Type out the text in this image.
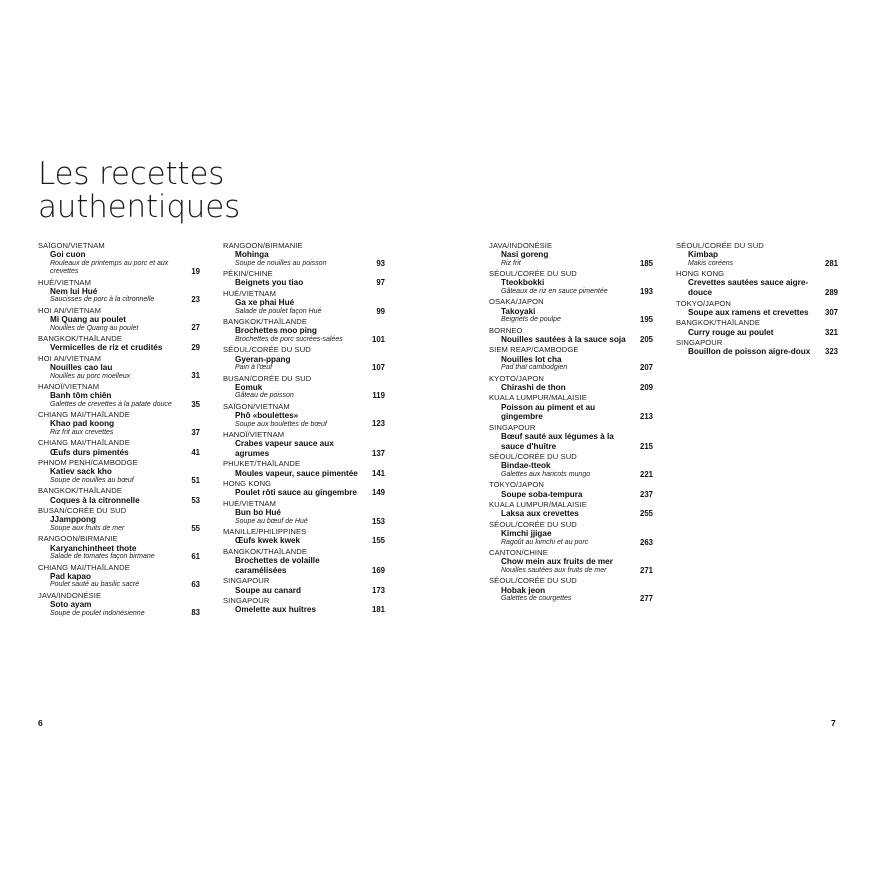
Les recettes
authentiques
SAÏGON/VIETNAM
Goi cuon
Rouleaux de printemps au porc et aux crevettes	19
HUÉ/VIETNAM
Nem lui Hué
Saucisses de porc à la citronnelle	23
HOI AN/VIETNAM
Mi Quang au poulet
Nouilles de Quang au poulet	27
BANGKOK/THAÏLANDE
Vermicelles de riz et crudités	29
HOI AN/VIETNAM
Nouilles cao lau
Nouilles au porc moelleux	31
HANOÏ/VIETNAM
Banh tôm chiên
Galettes de crevettes à la patate douce	35
CHIANG MAI/THAÏLANDE
Khao pad koong
Riz frit aux crevettes	37
CHIANG MAI/THAÏLANDE
Œufs durs pimentés	41
PHNOM PENH/CAMBODGE
Katiev sack kho
Soupe de nouilles au bœuf	51
BANGKOK/THAÏLANDE
Coques à la citronnelle	53
BUSAN/CORÉE DU SUD
JJamppong
Soupe aux fruits de mer	55
RANGOON/BIRMANIE
Karyanchintheet thote
Salade de tomates façon birmane	61
CHIANG MAI/THAÏLANDE
Pad kapao
Poulet sauté au basilic sacré	63
JAVA/INDONÉSIE
Soto ayam
Soupe de poulet indonésienne	83
RANGOON/BIRMANIE
Mohinga
Soupe de nouilles au poisson	93
PÉKIN/CHINE
Beignets you tiao	97
HUÉ/VIETNAM
Ga xe phai Hué
Salade de poulet façon Hué	99
BANGKOK/THAÏLANDE
Brochettes moo ping
Brochettes de porc sucrées-salées	101
SÉOUL/CORÉE DU SUD
Gyeran-ppang
Pain à l'œuf	107
BUSAN/CORÉE DU SUD
Eomuk
Gâteau de poisson	119
SAÏGON/VIETNAM
Phô «boulettes»
Soupe aux boulettes de bœuf	123
HANOÏ/VIETNAM
Crabes vapeur sauce aux agrumes	137
PHUKET/THAÏLANDE
Moules vapeur, sauce pimentée	141
HONG KONG
Poulet rôti sauce au gingembre	149
HUÉ/VIETNAM
Bun bo Hué
Soupe au bœuf de Hué	153
MANILLE/PHILIPPINES
Œufs kwek kwek	155
BANGKOK/THAÏLANDE
Brochettes de volaille caramélisées	169
SINGAPOUR
Soupe au canard	173
SINGAPOUR
Omelette aux huîtres	181
JAVA/INDONÉSIE
Nasi goreng
Riz frit	185
SÉOUL/CORÉE DU SUD
Tteokbokki
Gâteaux de riz en sauce pimentée	193
OSAKA/JAPON
Takoyaki
Beignets de poulpe	195
BORNEO
Nouilles sautées à la sauce soja	205
SIEM REAP/CAMBODGE
Nouilles lot cha
Pad thaï cambodgien	207
KYOTO/JAPON
Chirashi de thon	209
KUALA LUMPUR/MALAISIE
Poisson au piment et au gingembre	213
SINGAPOUR
Bœuf sauté aux légumes à la sauce d'huître	215
SÉOUL/CORÉE DU SUD
Bindae-tteok
Galettes aux haricots mungo	221
TOKYO/JAPON
Soupe soba-tempura	237
KUALA LUMPUR/MALAISIE
Laksa aux crevettes	255
SÉOUL/CORÉE DU SUD
Kimchi jjigae
Ragoût au kimchi et au porc	263
CANTON/CHINE
Chow mein aux fruits de mer
Nouilles sautées aux fruits de mer	271
SÉOUL/CORÉE DU SUD
Hobak jeon
Galettes de courgettes	277
SÉOUL/CORÉE DU SUD
Kimbap
Makis coréens	281
HONG KONG
Crevettes sautées sauce aigre-douce	289
TOKYO/JAPON
Soupe aux ramens et crevettes	307
BANGKOK/THAÏLANDE
Curry rouge au poulet	321
SINGAPOUR
Bouillon de poisson aigre-doux	323
6	7
